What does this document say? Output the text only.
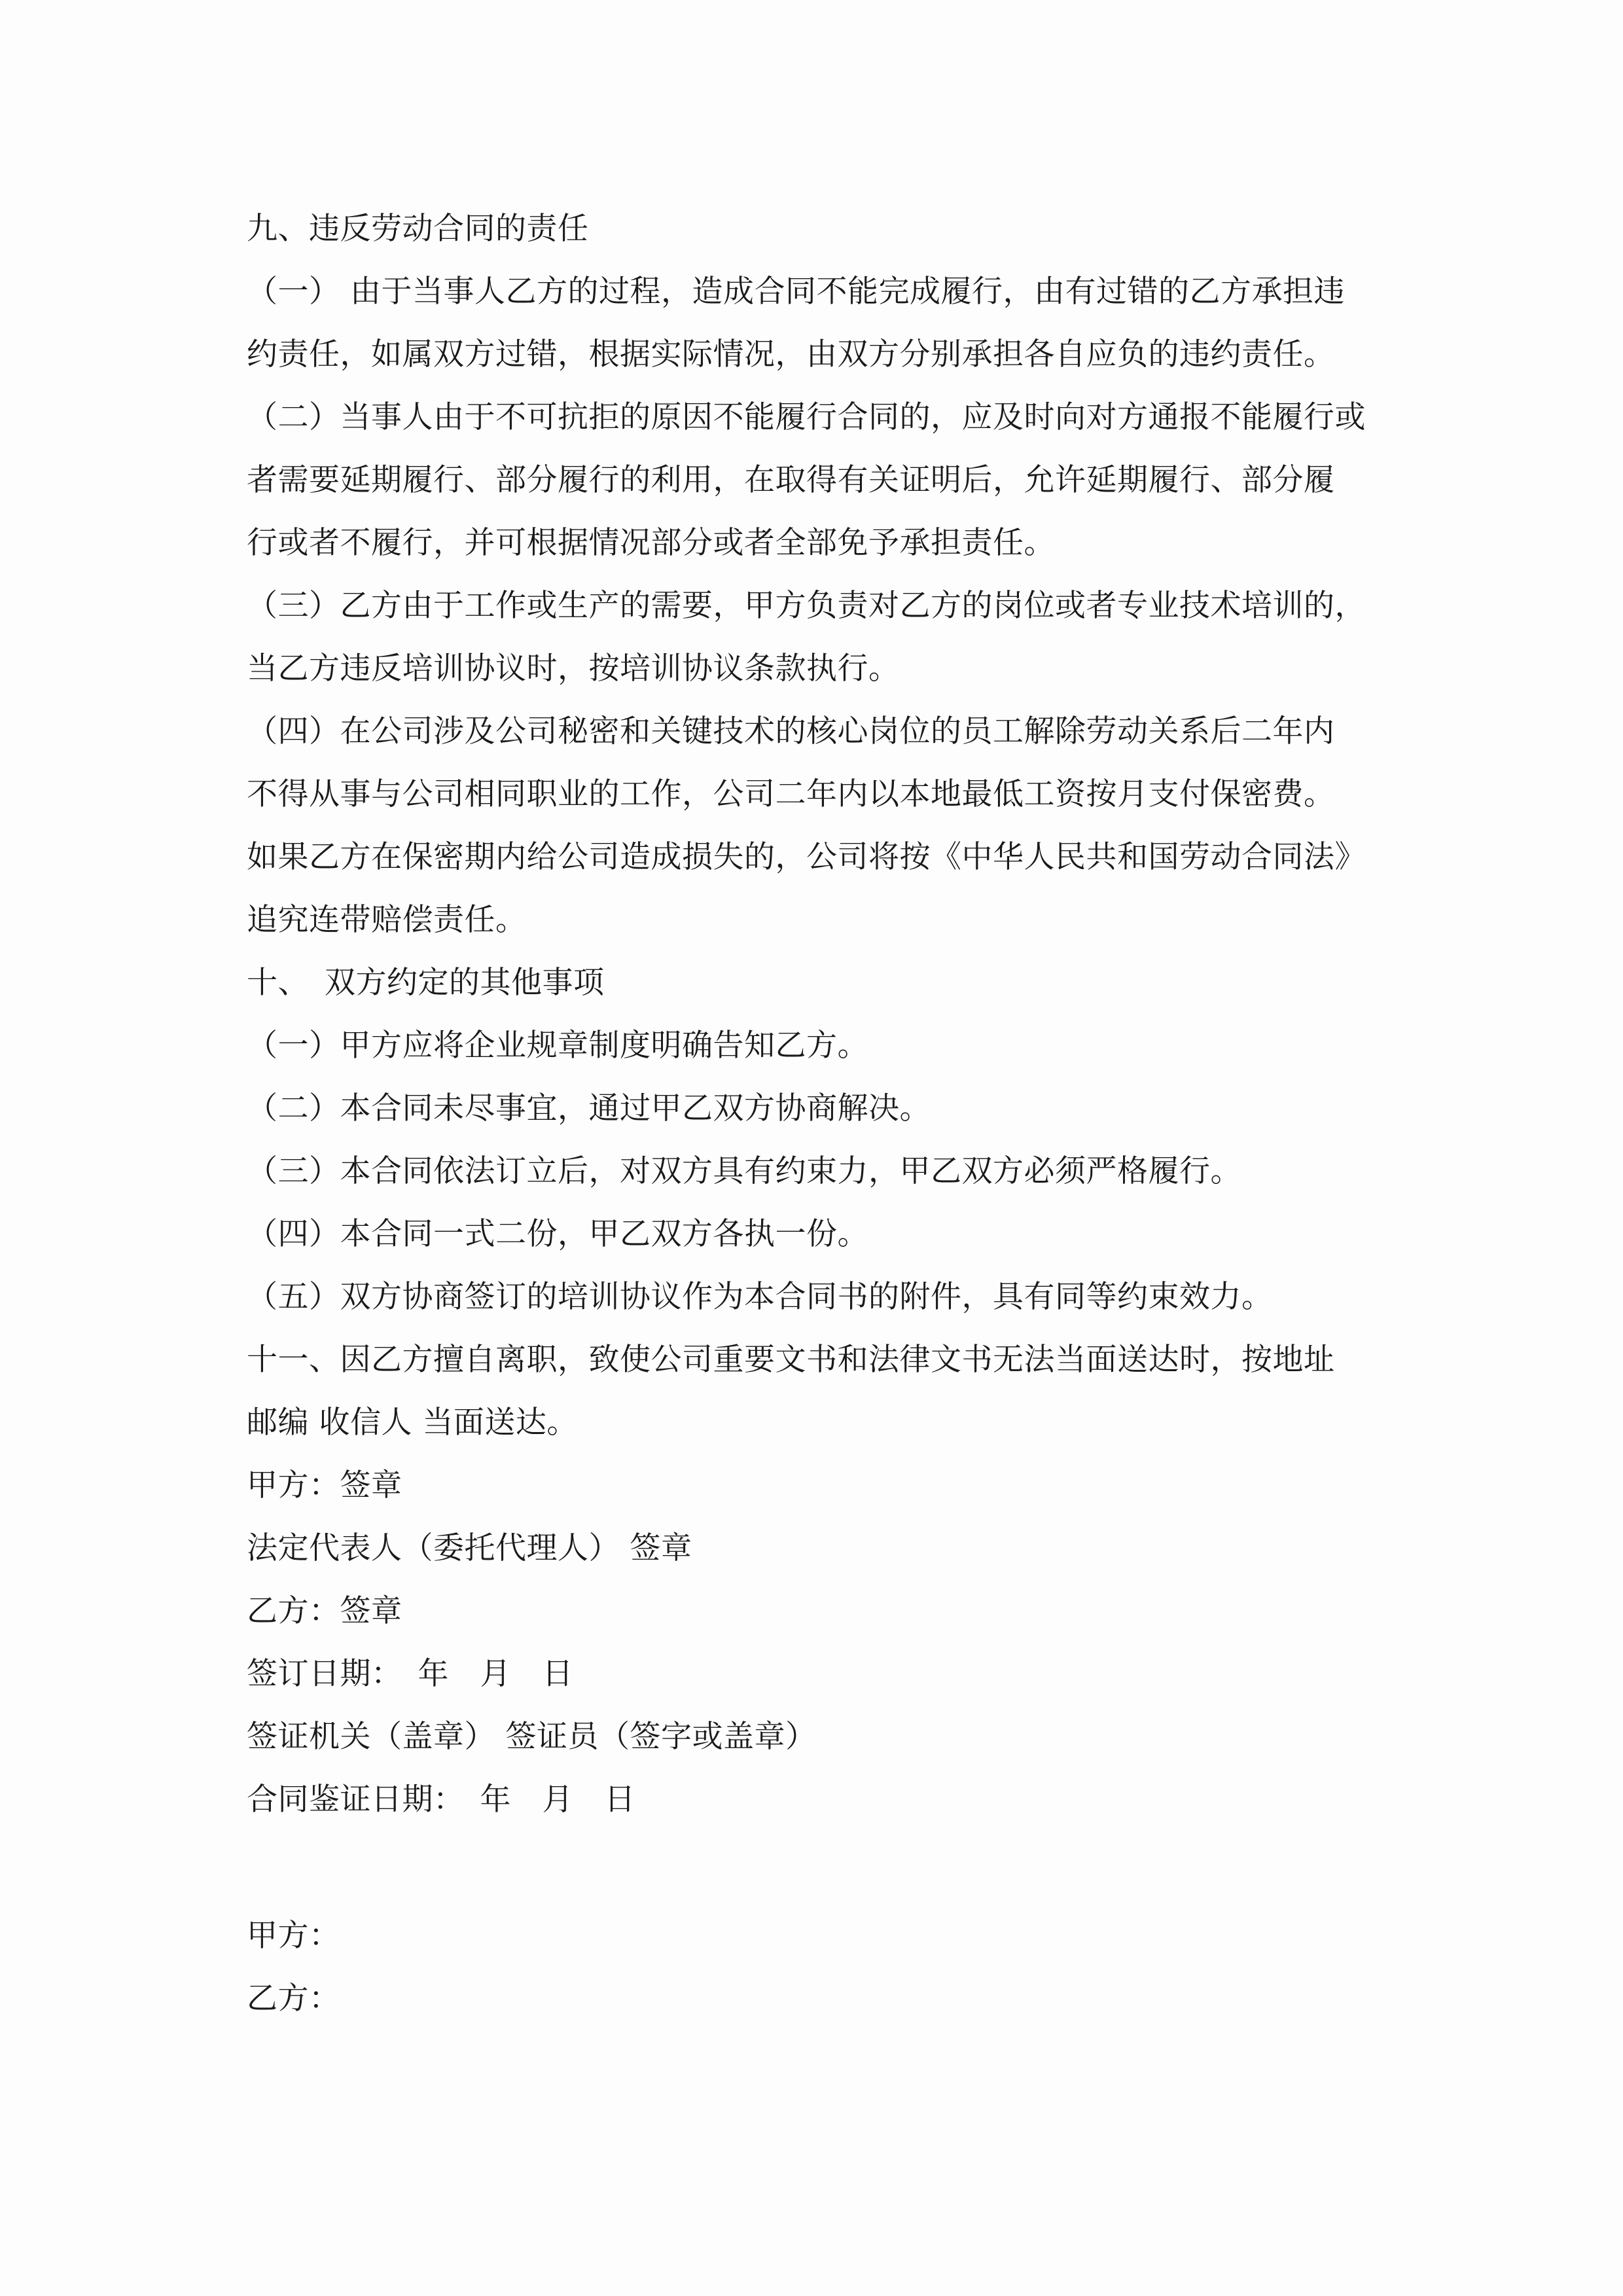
九、违反劳动合同的责任
（一） 由于当事人乙方的过程，造成合同不能完成履行，由有过错的乙方承担违
约责任，如属双方过错，根据实际情况，由双方分别承担各自应负的违约责任。
（二）当事人由于不可抗拒的原因不能履行合同的，应及时向对方通报不能履行或
者需要延期履行、部分履行的利用，在取得有关证明后，允许延期履行、部分履
行或者不履行，并可根据情况部分或者全部免予承担责任。
（三）乙方由于工作或生产的需要，甲方负责对乙方的岗位或者专业技术培训的，
当乙方违反培训协议时，按培训协议条款执行。
（四）在公司涉及公司秘密和关键技术的核心岗位的员工解除劳动关系后二年内
不得从事与公司相同职业的工作，公司二年内以本地最低工资按月支付保密费。
如果乙方在保密期内给公司造成损失的，公司将按《中华人民共和国劳动合同法》
追究连带赔偿责任。
十、　双方约定的其他事项
（一）甲方应将企业规章制度明确告知乙方。
（二）本合同未尽事宜，通过甲乙双方协商解决。
（三）本合同依法订立后，对双方具有约束力，甲乙双方必须严格履行。
（四）本合同一式二份，甲乙双方各执一份。
（五）双方协商签订的培训协议作为本合同书的附件，具有同等约束效力。
十一、因乙方擅自离职，致使公司重要文书和法律文书无法当面送达时，按地址
邮编 收信人 当面送达。
甲方：签章
法定代表人（委托代理人） 签章
乙方：签章
签订日期：　年　月　日
签证机关（盖章） 签证员（签字或盖章）
合同鉴证日期：　年　月　日
甲方：
乙方：
